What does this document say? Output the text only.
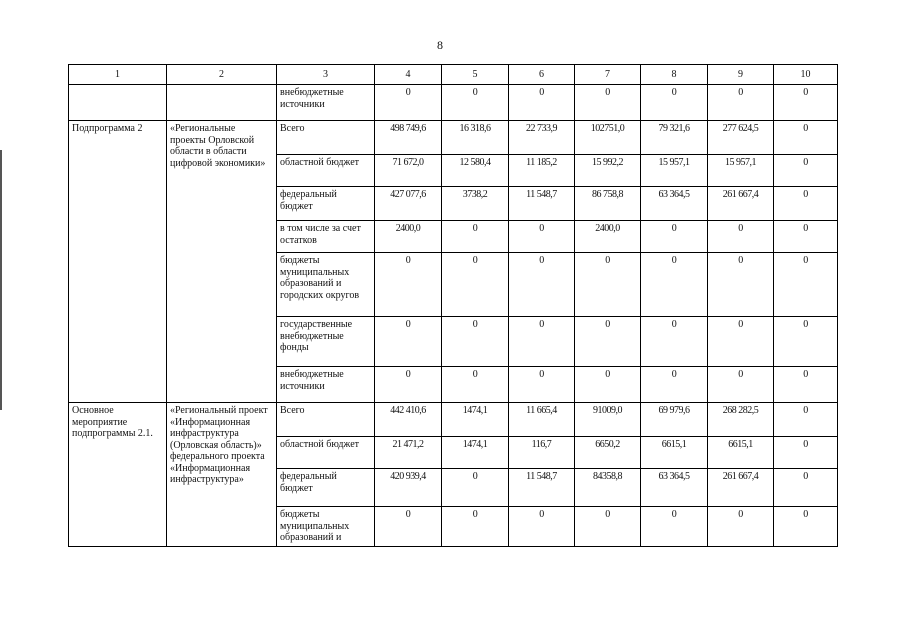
8
1	2	3	4	5	6	7	8	9	10
		внебюджетные источники	0	0	0	0	0	0	0
Подпрограмма 2	«Региональные проекты Орловской области в области цифровой экономики»	Всего	498 749,6	16 318,6	22 733,9	102751,0	79 321,6	277 624,5	0
		областной бюджет	71 672,0	12 580,4	11 185,2	15 992,2	15 957,1	15 957,1	0
		федеральный бюджет	427 077,6	3738,2	11 548,7	86 758,8	63 364,5	261 667,4	0
		в том числе за счет остатков	2400,0	0	0	2400,0	0	0	0
		бюджеты муниципальных образований и городских округов	0	0	0	0	0	0	0
		государственные внебюджетные фонды	0	0	0	0	0	0	0
		внебюджетные источники	0	0	0	0	0	0	0
Основное мероприятие подпрограммы 2.1.	«Региональный проект «Информационная инфраструктура (Орловская область)» федерального проекта «Информационная инфраструктура»	Всего	442 410,6	1474,1	11 665,4	91009,0	69 979,6	268 282,5	0
		областной бюджет	21 471,2	1474,1	116,7	6650,2	6615,1	6615,1	0
		федеральный бюджет	420 939,4	0	11 548,7	84358,8	63 364,5	261 667,4	0
		бюджеты муниципальных образований и	0	0	0	0	0	0	0
